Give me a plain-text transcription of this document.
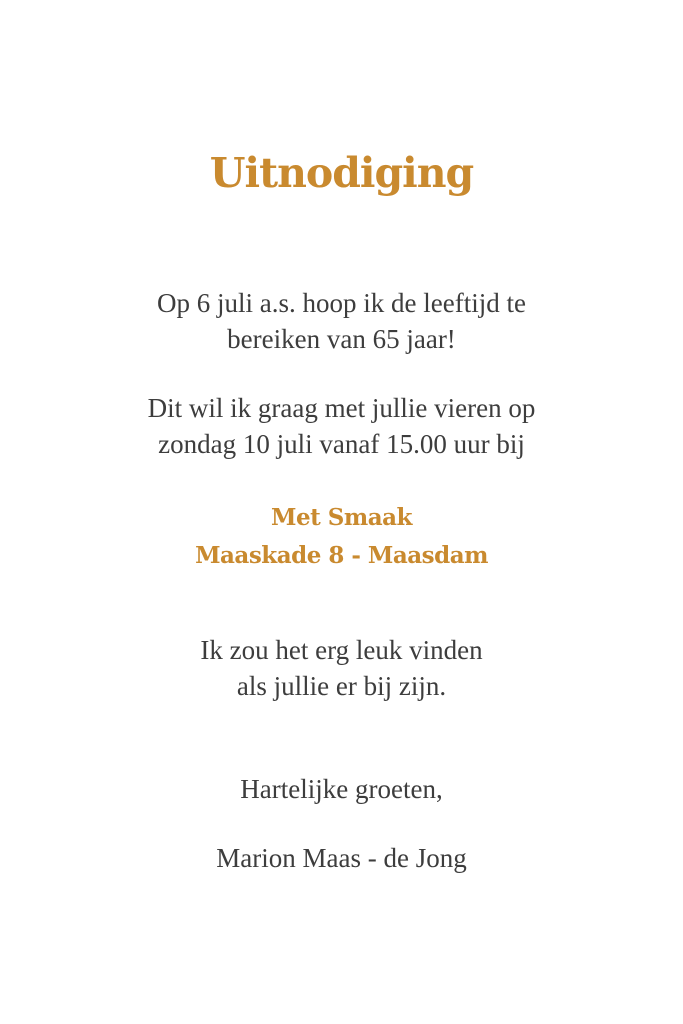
Uitnodiging
Op 6 juli a.s. hoop ik de leeftijd te
bereiken van 65 jaar!
Dit wil ik graag met jullie vieren op
zondag 10 juli vanaf 15.00 uur bij
Met Smaak
Maaskade 8 - Maasdam
Ik zou het erg leuk vinden
als jullie er bij zijn.
Hartelijke groeten,
Marion Maas - de Jong
